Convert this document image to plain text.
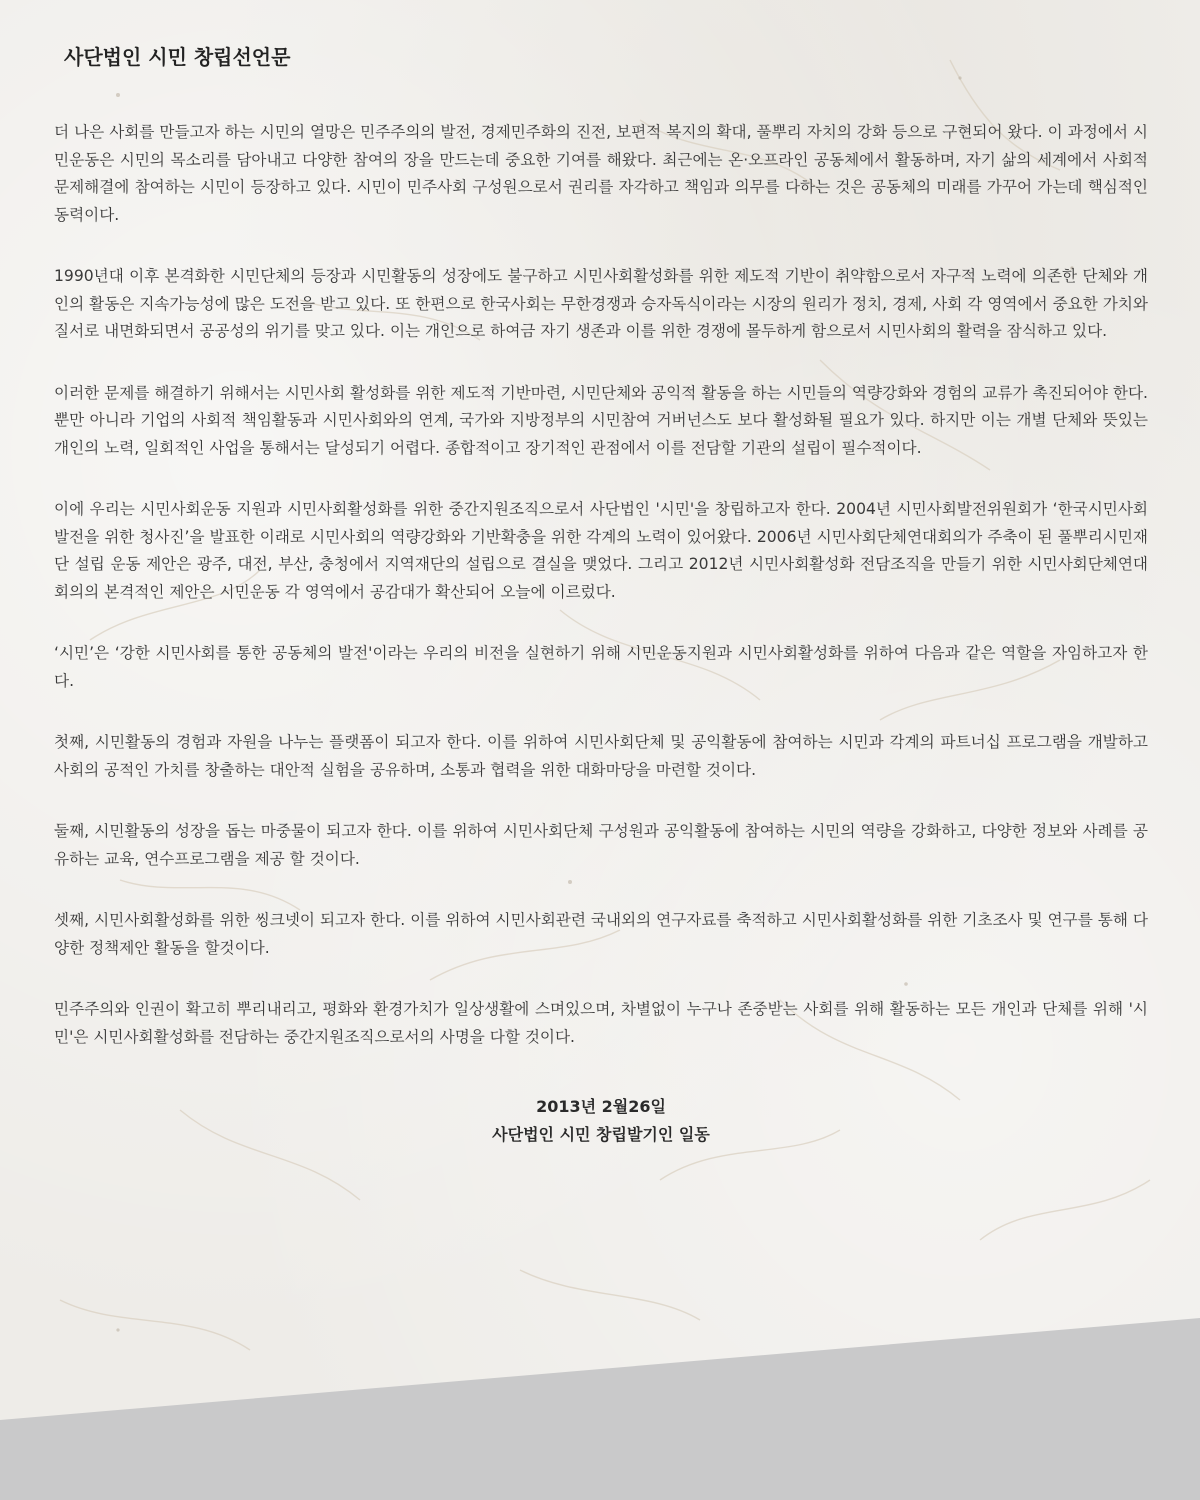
사단법인 시민 창립선언문

더 나은 사회를 만들고자 하는 시민의 열망은 민주주의의 발전, 경제민주화의 진전, 보편적 복지의 확대, 풀뿌리 자치의 강화 등으로 구현되어 왔다. 이 과정에서 시민운동은 시민의 목소리를 담아내고 다양한 참여의 장을 만드는데 중요한 기여를 해왔다. 최근에는 온·오프라인 공동체에서 활동하며, 자기 삶의 세계에서 사회적 문제해결에 참여하는 시민이 등장하고 있다. 시민이 민주사회 구성원으로서 권리를 자각하고 책임과 의무를 다하는 것은 공동체의 미래를 가꾸어 가는데 핵심적인 동력이다.

1990년대 이후 본격화한 시민단체의 등장과 시민활동의 성장에도 불구하고 시민사회활성화를 위한 제도적 기반이 취약함으로서 자구적 노력에 의존한 단체와 개인의 활동은 지속가능성에 많은 도전을 받고 있다. 또 한편으로 한국사회는 무한경쟁과 승자독식이라는 시장의 원리가 정치, 경제, 사회 각 영역에서 중요한 가치와 질서로 내면화되면서 공공성의 위기를 맞고 있다. 이는 개인으로 하여금 자기 생존과 이를 위한 경쟁에 몰두하게 함으로서 시민사회의 활력을 잠식하고 있다.

이러한 문제를 해결하기 위해서는 시민사회 활성화를 위한 제도적 기반마련, 시민단체와 공익적 활동을 하는 시민들의 역량강화와 경험의 교류가 촉진되어야 한다. 뿐만 아니라 기업의 사회적 책임활동과 시민사회와의 연계, 국가와 지방정부의 시민참여 거버넌스도 보다 활성화될 필요가 있다. 하지만 이는 개별 단체와 뜻있는 개인의 노력, 일회적인 사업을 통해서는 달성되기 어렵다. 종합적이고 장기적인 관점에서 이를 전담할 기관의 설립이 필수적이다.

이에 우리는 시민사회운동 지원과 시민사회활성화를 위한 중간지원조직으로서 사단법인 '시민'을 창립하고자 한다. 2004년 시민사회발전위원회가 ‘한국시민사회발전을 위한 청사진’을 발표한 이래로 시민사회의 역량강화와 기반확충을 위한 각계의 노력이 있어왔다. 2006년 시민사회단체연대회의가 주축이 된 풀뿌리시민재단 설립 운동 제안은 광주, 대전, 부산, 충청에서 지역재단의 설립으로 결실을 맺었다. 그리고 2012년 시민사회활성화 전담조직을 만들기 위한 시민사회단체연대회의의 본격적인 제안은 시민운동 각 영역에서 공감대가 확산되어 오늘에 이르렀다.

‘시민’은 ‘강한 시민사회를 통한 공동체의 발전'이라는 우리의 비전을 실현하기 위해 시민운동지원과 시민사회활성화를 위하여 다음과 같은 역할을 자임하고자 한다.

첫째, 시민활동의 경험과 자원을 나누는 플랫폼이 되고자 한다. 이를 위하여 시민사회단체 및 공익활동에 참여하는 시민과 각계의 파트너십 프로그램을 개발하고 사회의 공적인 가치를 창출하는 대안적 실험을 공유하며, 소통과 협력을 위한 대화마당을 마련할 것이다.

둘째, 시민활동의 성장을 돕는 마중물이 되고자 한다. 이를 위하여 시민사회단체 구성원과 공익활동에 참여하는 시민의 역량을 강화하고, 다양한 정보와 사례를 공유하는 교육, 연수프로그램을 제공 할 것이다.

셋째, 시민사회활성화를 위한 씽크넷이 되고자 한다. 이를 위하여 시민사회관련 국내외의 연구자료를 축적하고 시민사회활성화를 위한 기초조사 및 연구를 통해 다양한 정책제안 활동을 할것이다.

민주주의와 인권이 확고히 뿌리내리고, 평화와 환경가치가 일상생활에 스며있으며, 차별없이 누구나 존중받는 사회를 위해 활동하는 모든 개인과 단체를 위해 '시민'은 시민사회활성화를 전담하는 중간지원조직으로서의 사명을 다할 것이다.

2013년 2월26일
사단법인 시민 창립발기인 일동
